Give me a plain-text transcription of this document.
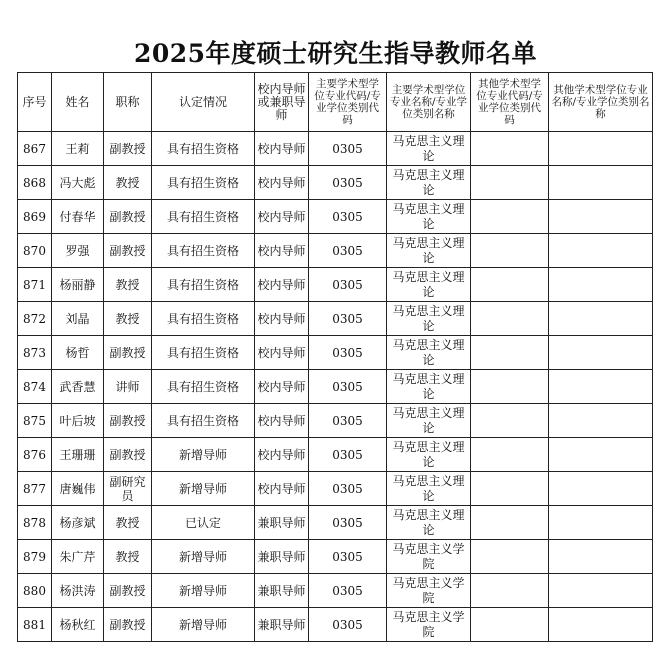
2025年度硕士研究生指导教师名单
序号	姓名	职称	认定情况	校内导师或兼职导师	主要学术型学位专业代码/专业学位类别代码	主要学术型学位专业名称/专业学位类别名称	其他学术型学位专业代码/专业学位类别代码	其他学术型学位专业名称/专业学位类别名称
867	王莉	副教授	具有招生资格	校内导师	0305	马克思主义理论		
868	冯大彪	教授	具有招生资格	校内导师	0305	马克思主义理论		
869	付春华	副教授	具有招生资格	校内导师	0305	马克思主义理论		
870	罗强	副教授	具有招生资格	校内导师	0305	马克思主义理论		
871	杨丽静	教授	具有招生资格	校内导师	0305	马克思主义理论		
872	刘晶	教授	具有招生资格	校内导师	0305	马克思主义理论		
873	杨哲	副教授	具有招生资格	校内导师	0305	马克思主义理论		
874	武香慧	讲师	具有招生资格	校内导师	0305	马克思主义理论		
875	叶后坡	副教授	具有招生资格	校内导师	0305	马克思主义理论		
876	王珊珊	副教授	新增导师	校内导师	0305	马克思主义理论		
877	唐巍伟	副研究员	新增导师	校内导师	0305	马克思主义理论		
878	杨彦斌	教授	已认定	兼职导师	0305	马克思主义理论		
879	朱广芹	教授	新增导师	兼职导师	0305	马克思主义学院		
880	杨洪涛	副教授	新增导师	兼职导师	0305	马克思主义学院		
881	杨秋红	副教授	新增导师	兼职导师	0305	马克思主义学院		
